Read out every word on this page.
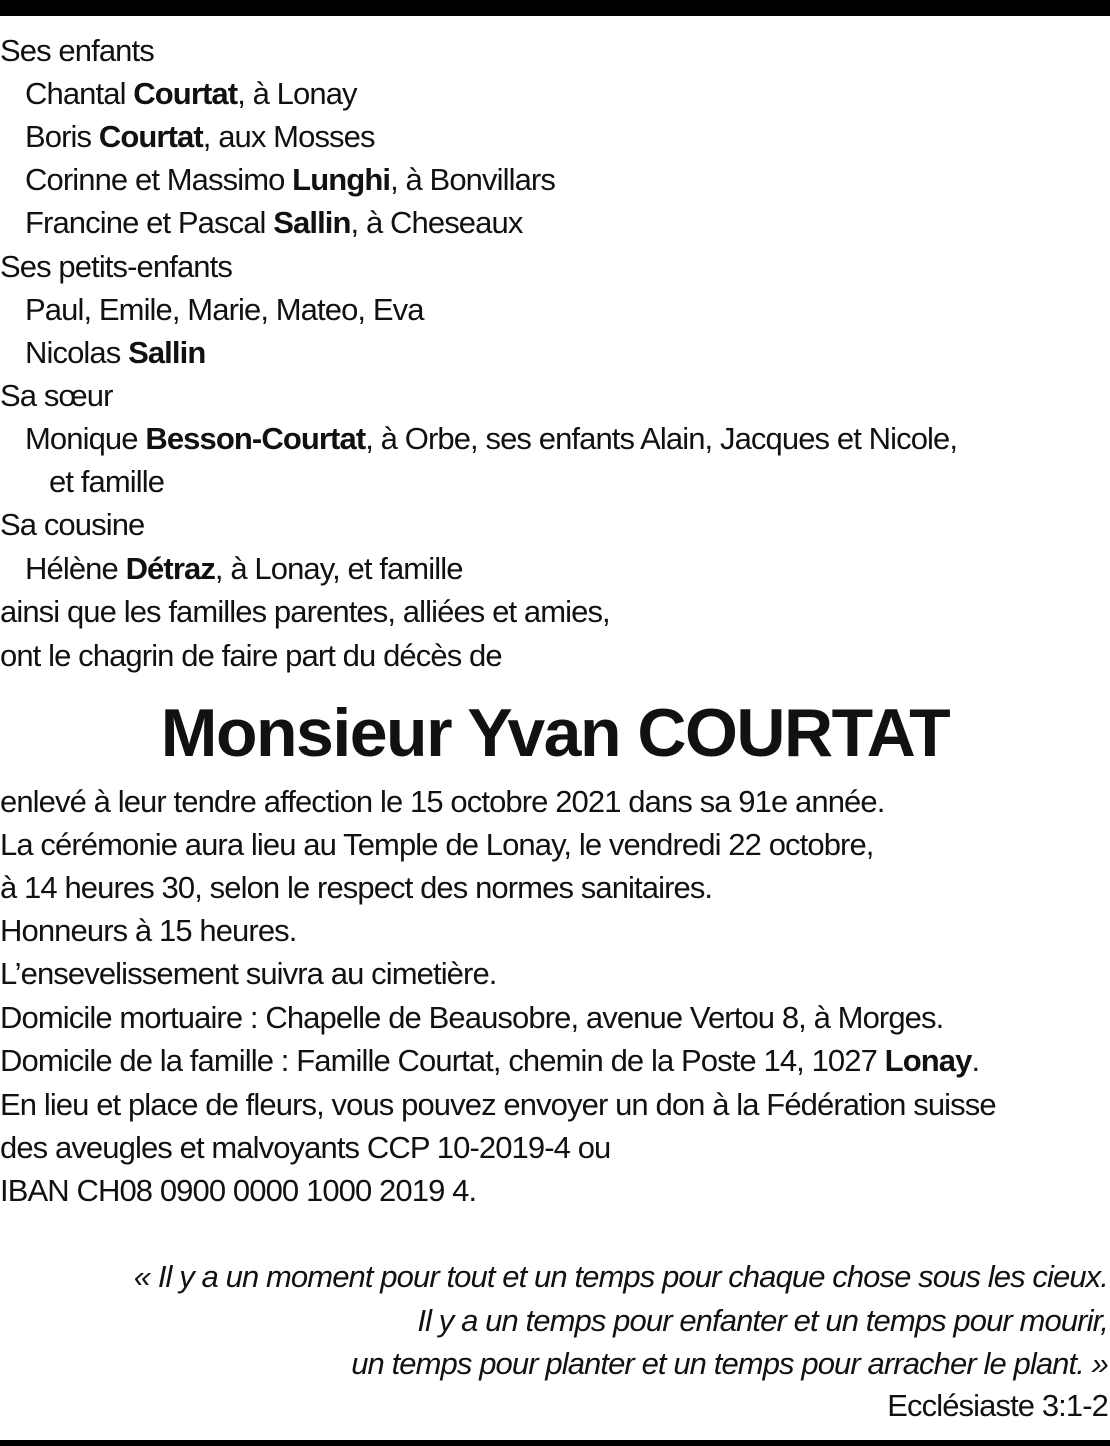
Ses enfants
Chantal Courtat, à Lonay
Boris Courtat, aux Mosses
Corinne et Massimo Lunghi, à Bonvillars
Francine et Pascal Sallin, à Cheseaux
Ses petits-enfants
Paul, Emile, Marie, Mateo, Eva
Nicolas Sallin
Sa sœur
Monique Besson-Courtat, à Orbe, ses enfants Alain, Jacques et Nicole,
et famille
Sa cousine
Hélène Détraz, à Lonay, et famille
ainsi que les familles parentes, alliées et amies,
ont le chagrin de faire part du décès de
Monsieur Yvan COURTAT
enlevé à leur tendre affection le 15 octobre 2021 dans sa 91e année.
La cérémonie aura lieu au Temple de Lonay, le vendredi 22 octobre,
à 14 heures 30, selon le respect des normes sanitaires.
Honneurs à 15 heures.
L’ensevelissement suivra au cimetière.
Domicile mortuaire : Chapelle de Beausobre, avenue Vertou 8, à Morges.
Domicile de la famille : Famille Courtat, chemin de la Poste 14, 1027 Lonay.
En lieu et place de fleurs, vous pouvez envoyer un don à la Fédération suisse
des aveugles et malvoyants CCP 10-2019-4 ou
IBAN CH08 0900 0000 1000 2019 4.
« Il y a un moment pour tout et un temps pour chaque chose sous les cieux.
Il y a un temps pour enfanter et un temps pour mourir,
un temps pour planter et un temps pour arracher le plant. »
Ecclésiaste 3:1-2
